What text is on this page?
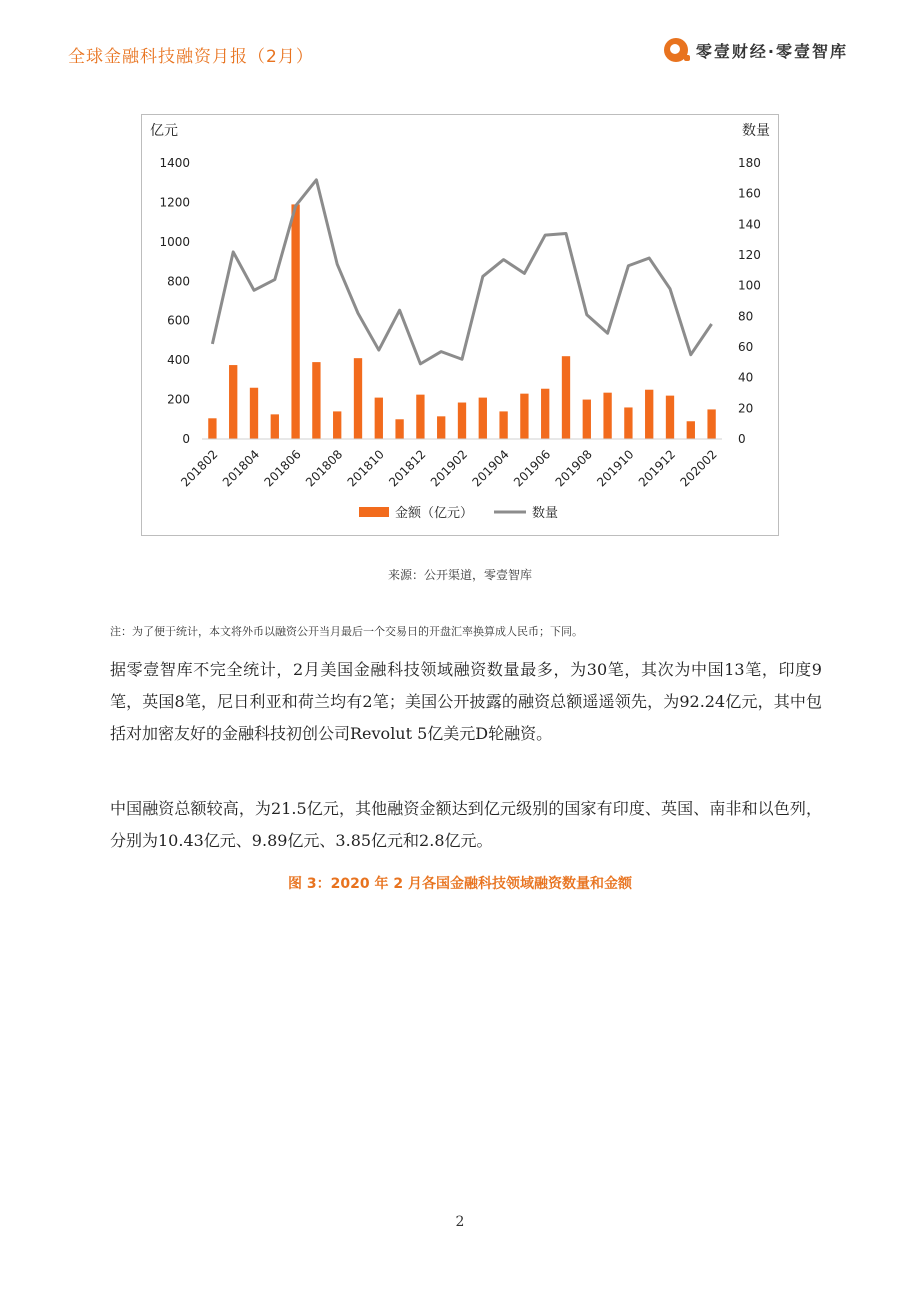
全球金融科技融资月报（2月）	零壹财经·零壹智库
亿元	数量
0
200
400
600
800
1000
1200
1400
0
20
40
60
80
100
120
140
160
180
201802 201804 201806 201808 201810 201812 201902 201904 201906 201908 201910 201912 202002
金额（亿元）	数量
来源：公开渠道，零壹智库
注：为了便于统计，本文将外币以融资公开当月最后一个交易日的开盘汇率换算成人民币；下同。
据零壹智库不完全统计，2月美国金融科技领域融资数量最多，为30笔，其次为中国13笔，印度9笔，英国8笔，尼日利亚和荷兰均有2笔；美国公开披露的融资总额遥遥领先，为92.24亿元，其中包括对加密友好的金融科技初创公司Revolut 5亿美元D轮融资。
中国融资总额较高，为21.5亿元，其他融资金额达到亿元级别的国家有印度、英国、南非和以色列，分别为10.43亿元、9.89亿元、3.85亿元和2.8亿元。
图 3：2020 年 2 月各国金融科技领域融资数量和金额
2
